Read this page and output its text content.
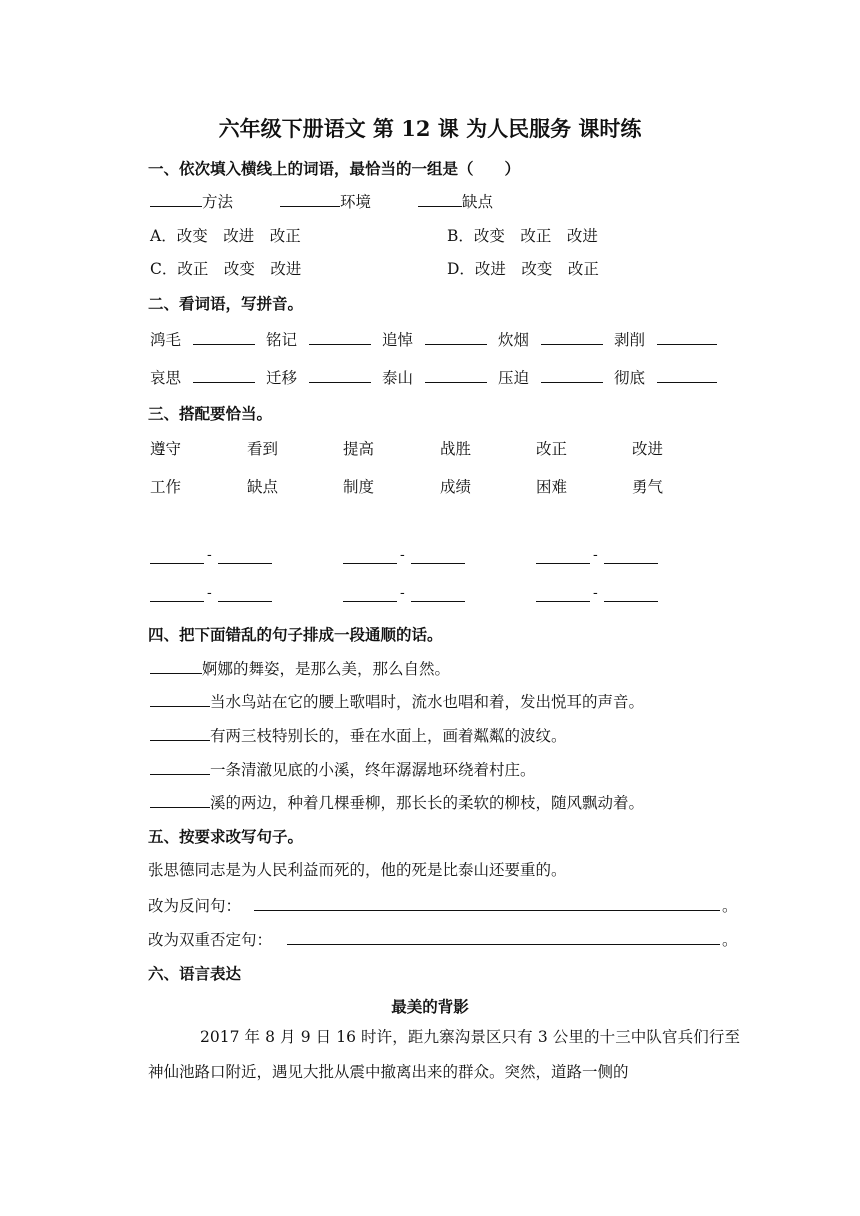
六年级下册语文 第 12 课 为人民服务 课时练
一、依次填入横线上的词语，最恰当的一组是（　　）
方法	环境	缺点
A．改变　改进　改正	B．改变　改正　改进
C．改正　改变　改进	D．改进　改变　改正
二、看词语，写拼音。
鸿毛	铭记	追悼	炊烟	剥削
哀思	迁移	泰山	压迫	彻底
三、搭配要恰当。
遵守	看到	提高	战胜	改正	改进
工作	缺点	制度	成绩	困难	勇气
-	-	-
-	-	-
四、把下面错乱的句子排成一段通顺的话。
婀娜的舞姿，是那么美，那么自然。
当水鸟站在它的腰上歌唱时，流水也唱和着，发出悦耳的声音。
有两三枝特别长的，垂在水面上，画着粼粼的波纹。
一条清澈见底的小溪，终年潺潺地环绕着村庄。
溪的两边，种着几棵垂柳，那长长的柔软的柳枝，随风飘动着。
五、按要求改写句子。
张思德同志是为人民利益而死的，他的死是比泰山还要重的。
改为反问句：	。
改为双重否定句：	。
六、语言表达
最美的背影
2017 年 8 月 9 日 16 时许，距九寨沟景区只有 3 公里的十三中队官兵们行至神仙池路口附近，遇见大批从震中撤离出来的群众。突然，道路一侧的
